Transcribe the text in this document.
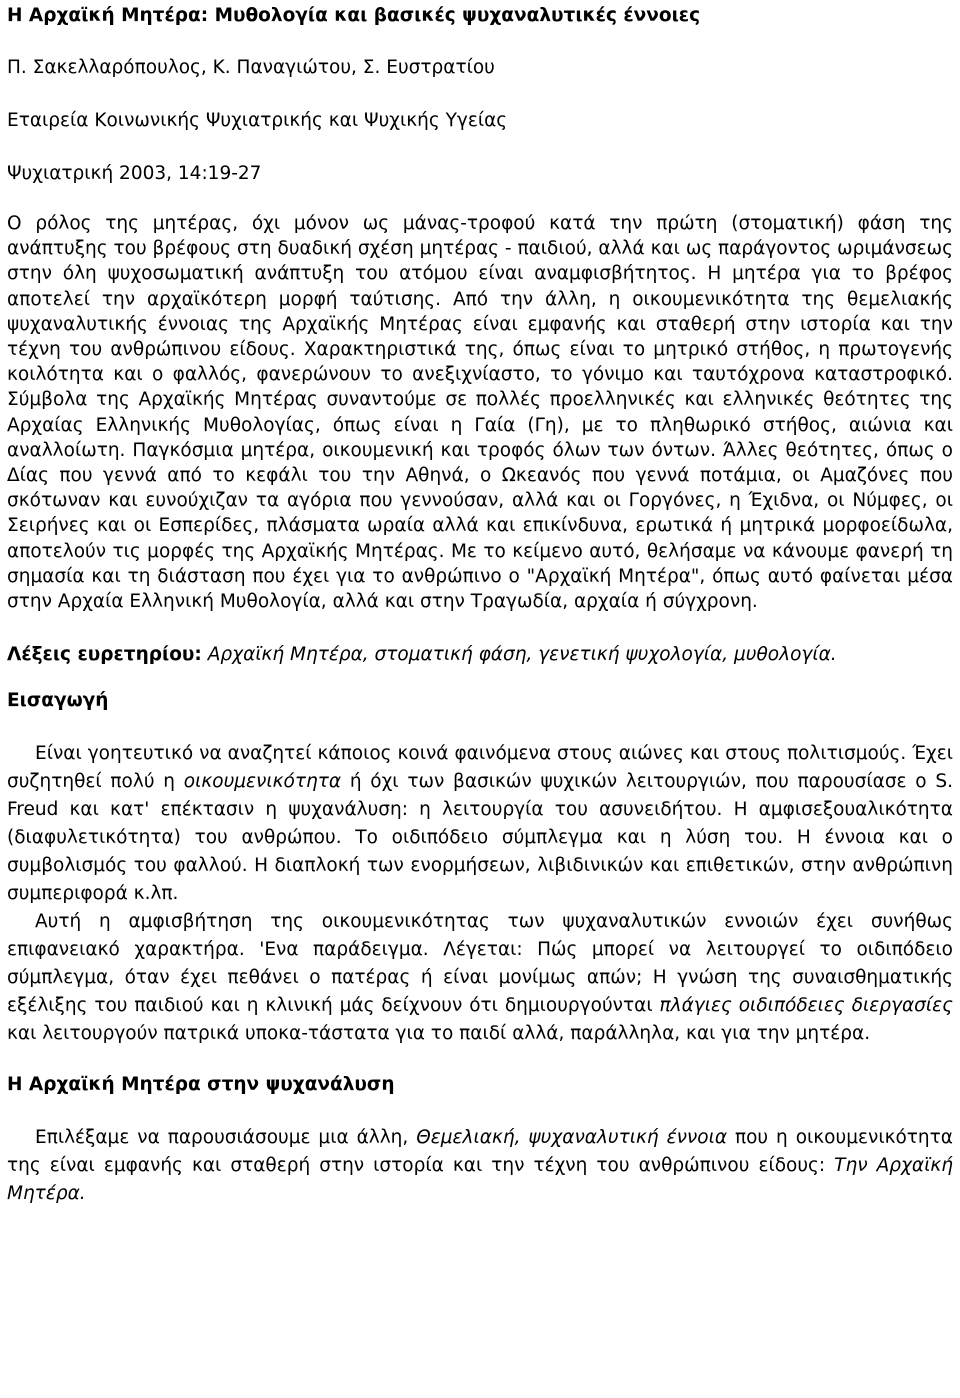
Η Αρχαϊκή Μητέρα: Μυθολογία και βασικές ψυχαναλυτικές έννοιες
Π. Σακελλαρόπουλος, Κ. Παναγιώτου, Σ. Ευστρατίου
Εταιρεία Κοινωνικής Ψυχιατρικής και Ψυχικής Υγείας
Ψυχιατρική 2003, 14:19-27
Ο ρόλος της μητέρας, όχι μόνον ως μάνας-τροφού κατά την πρώτη (στοματική) φάση της ανάπτυξης του βρέφους στη δυαδική σχέση μητέρας - παιδιού, αλλά και ως παράγοντος ωριμάνσεως στην όλη ψυχοσωματική ανάπτυξη του ατόμου είναι αναμφισβήτητος. Η μητέρα για το βρέφος αποτελεί την αρχαϊκότερη μορφή ταύτισης. Από την άλλη, η οικουμενικότητα της θεμελιακής ψυχαναλυτικής έννοιας της Αρχαϊκής Μητέρας είναι εμφανής και σταθερή στην ιστορία και την τέχνη του ανθρώπινου είδους. Χαρακτηριστικά της, όπως είναι το μητρικό στήθος, η πρωτογενής κοιλότητα και ο φαλλός, φανερώνουν το ανεξιχνίαστο, το γόνιμο και ταυτόχρονα καταστροφικό. Σύμβολα της Αρχαϊκής Μητέρας συναντούμε σε πολλές προελληνικές και ελληνικές θεότητες της Αρχαίας Ελληνικής Μυθολογίας, όπως είναι η Γαία (Γη), με το πληθωρικό στήθος, αιώνια και αναλλοίωτη. Παγκόσμια μητέρα, οικουμενική και τροφός όλων των όντων. Άλλες θεότητες, όπως ο Δίας που γεννά από το κεφάλι του την Αθηνά, ο Ωκεανός που γεννά ποτάμια, οι Αμαζόνες που σκότωναν και ευνούχιζαν τα αγόρια που γεννούσαν, αλλά και οι Γοργόνες, η Έχιδνα, οι Νύμφες, οι Σειρήνες και οι Εσπερίδες, πλάσματα ωραία αλλά και επικίνδυνα, ερωτικά ή μητρικά μορφοείδωλα, αποτελούν τις μορφές της Αρχαϊκής Μητέρας. Με το κείμενο αυτό, θελήσαμε να κάνουμε φανερή τη σημασία και τη διάσταση που έχει για το ανθρώπινο ο "Αρχαϊκή Μητέρα", όπως αυτό φαίνεται μέσα στην Αρχαία Ελληνική Μυθολογία, αλλά και στην Τραγωδία, αρχαία ή σύγχρονη.
Λέξεις ευρετηρίου: Αρχαϊκή Μητέρα, στοματική φάση, γενετική ψυχολογία, μυθολογία.
Εισαγωγή

Είναι γοητευτικό να αναζητεί κάποιος κοινά φαινόμενα στους αιώνες και στους πολιτισμούς. Έχει συζητηθεί πολύ η οικουμενικότητα ή όχι των βασικών ψυχικών λειτουργιών, που παρουσίασε ο S. Freud και κατ' επέκτασιν η ψυχανάλυση: η λειτουργία του ασυνειδήτου. Η αμφισεξουαλικότητα (διαφυλετικότητα) του ανθρώπου. Το οιδιπόδειο σύμπλεγμα και η λύση του. Η έννοια και ο συμβολισμός του φαλλού. Η διαπλοκή των ενορμήσεων, λιβιδινικών και επιθετικών, στην ανθρώπινη συμπεριφορά κ.λπ.

Αυτή η αμφισβήτηση της οικουμενικότητας των ψυχαναλυτικών εννοιών έχει συνήθως επιφανειακό χαρακτήρα. 'Ενα παράδειγμα. Λέγεται: Πώς μπορεί να λειτουργεί το οιδιπόδειο σύμπλεγμα, όταν έχει πεθάνει ο πατέρας ή είναι μονίμως απών; Η γνώση της συναισθηματικής εξέλιξης του παιδιού και η κλινική μάς δείχνουν ότι δημιουργούνται πλάγιες οιδιπόδειες διεργασίες και λειτουργούν πατρικά υποκα-τάστατα για το παιδί αλλά, παράλληλα, και για την μητέρα.

Η Αρχαϊκή Μητέρα στην ψυχανάλυση

Επιλέξαμε να παρουσιάσουμε μια άλλη, Θεμελιακή, ψυχαναλυτική έννοια που η οικουμενικότητα της είναι εμφανής και σταθερή στην ιστορία και την τέχνη του ανθρώπινου είδους: Την Αρχαϊκή Μητέρα.
